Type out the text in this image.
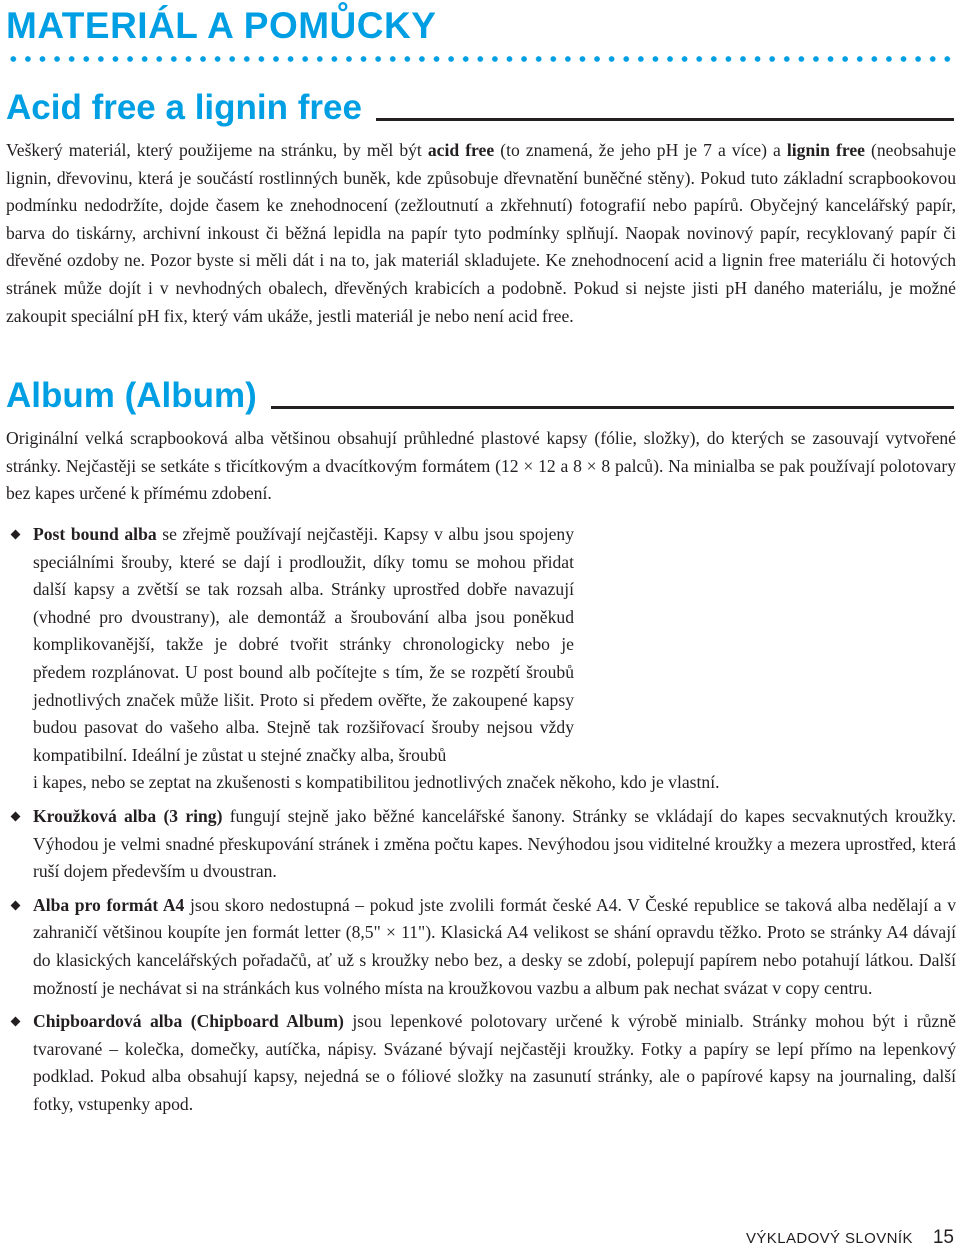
MATERIÁL A POMŮCKY
Acid free a lignin free

Veškerý materiál, který použijeme na stránku, by měl být acid free (to znamená, že jeho pH je 7 a více) a lignin free (neobsahuje lignin, dřevovinu, která je součástí rostlinných buněk, kde způsobuje dřevnatění buněčné stěny). Pokud tuto základní scrapbookovou podmínku nedodržíte, dojde časem ke znehodnocení (zežloutnutí a zkřehnutí) fotografií nebo papírů. Obyčejný kancelářský papír, barva do tiskárny, archivní inkoust či běžná lepidla na papír tyto podmínky splňují. Naopak novinový papír, recyklovaný papír či dřevěné ozdoby ne. Pozor byste si měli dát i na to, jak materiál skladujete. Ke znehodnocení acid a lignin free materiálu či hotových stránek může dojít i v nevhodných obalech, dřevěných krabicích a podobně. Pokud si nejste jisti pH daného materiálu, je možné zakoupit speciální pH fix, který vám ukáže, jestli materiál je nebo není acid free.

Album (Album)

Originální velká scrapbooková alba většinou obsahují průhledné plastové kapsy (fólie, složky), do kterých se zasouvají vytvořené stránky. Nejčastěji se setkáte s třicítkovým a dvacítkovým formátem (12 × 12 a 8 × 8 palců). Na minialba se pak používají polotovary bez kapes určené k přímému zdobení.

Post bound alba se zřejmě používají nejčastěji. Kapsy v albu jsou spojeny speciálními šrouby, které se dají i prodloužit, díky tomu se mohou přidat další kapsy a zvětší se tak rozsah alba. Stránky uprostřed dobře navazují (vhodné pro dvoustrany), ale demontáž a šroubování alba jsou poněkud komplikovanější, takže je dobré tvořit stránky chronologicky nebo je předem rozplánovat. U post bound alb počítejte s tím, že se rozpětí šroubů jednotlivých značek může lišit. Proto si předem ověřte, že zakoupené kapsy budou pasovat do vašeho alba. Stejně tak rozšiřovací šrouby nejsou vždy kompatibilní. Ideální je zůstat u stejné značky alba, šroubů
i kapes, nebo se zeptat na zkušenosti s kompatibilitou jednotlivých značek někoho, kdo je vlastní.
Kroužková alba (3 ring) fungují stejně jako běžné kancelářské šanony. Stránky se vkládají do kapes secvaknutých kroužky. Výhodou je velmi snadné přeskupování stránek i změna počtu kapes. Nevýhodou jsou viditelné kroužky a mezera uprostřed, která ruší dojem především u dvoustran.
Alba pro formát A4 jsou skoro nedostupná – pokud jste zvolili formát české A4. V České republice se taková alba nedělají a v zahraničí většinou koupíte jen formát letter (8,5" × 11"). Klasická A4 velikost se shání opravdu těžko. Proto se stránky A4 dávají do klasických kancelářských pořadačů, ať už s kroužky nebo bez, a desky se zdobí, polepují papírem nebo potahují látkou. Další možností je nechávat si na stránkách kus volného místa na kroužkovou vazbu a album pak nechat svázat v copy centru.
Chipboardová alba (Chipboard Album) jsou lepenkové polotovary určené k výrobě minialb. Stránky mohou být i různě tvarované – kolečka, domečky, autíčka, nápisy. Svázané bývají nejčastěji kroužky. Fotky a papíry se lepí přímo na lepenkový podklad. Pokud alba obsahují kapsy, nejedná se o fóliové složky na zasunutí stránky, ale o papírové kapsy na journaling, další fotky, vstupenky apod.
VÝKLADOVÝ SLOVNÍK 15
